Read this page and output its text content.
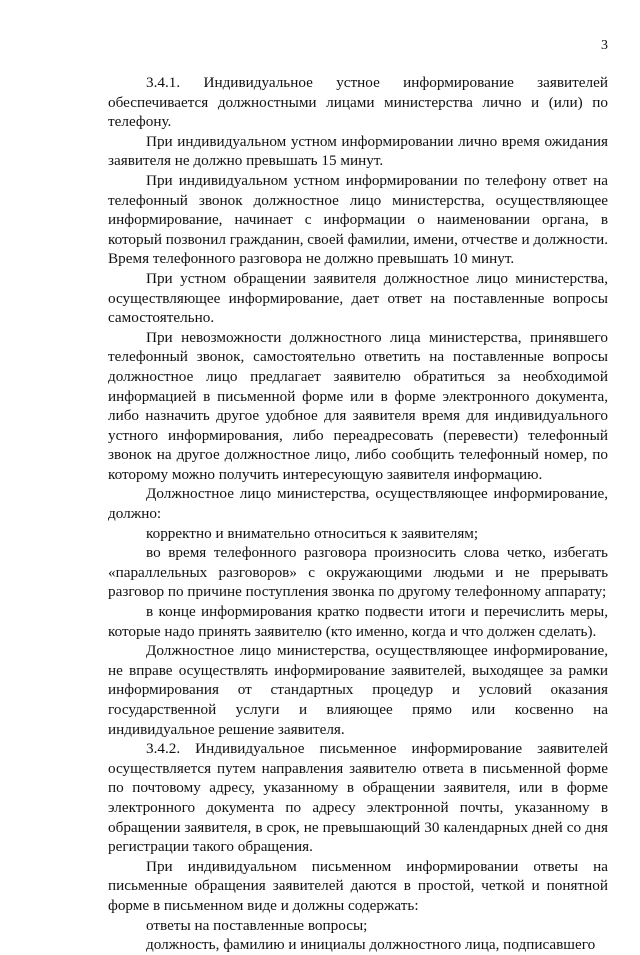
3

3.4.1. Индивидуальное устное информирование заявителей обеспечивается должностными лицами министерства лично и (или) по телефону.

При индивидуальном устном информировании лично время ожидания заявителя не должно превышать 15 минут.

При индивидуальном устном информировании по телефону ответ на телефонный звонок должностное лицо министерства, осуществляющее информирование, начинает с информации о наименовании органа, в который позвонил гражданин, своей фамилии, имени, отчестве и должности. Время телефонного разговора не должно превышать 10 минут.

При устном обращении заявителя должностное лицо министерства, осуществляющее информирование, дает ответ на поставленные вопросы самостоятельно.

При невозможности должностного лица министерства, принявшего телефонный звонок, самостоятельно ответить на поставленные вопросы должностное лицо предлагает заявителю обратиться за необходимой информацией в письменной форме или в форме электронного документа, либо назначить другое удобное для заявителя время для индивидуального устного информирования, либо переадресовать (перевести) телефонный звонок на другое должностное лицо, либо сообщить телефонный номер, по которому можно получить интересующую заявителя информацию.

Должностное лицо министерства, осуществляющее информирование, должно:

корректно и внимательно относиться к заявителям;

во время телефонного разговора произносить слова четко, избегать «параллельных разговоров» с окружающими людьми и не прерывать разговор по причине поступления звонка по другому телефонному аппарату;

в конце информирования кратко подвести итоги и перечислить меры, которые надо принять заявителю (кто именно, когда и что должен сделать).

Должностное лицо министерства, осуществляющее информирование, не вправе осуществлять информирование заявителей, выходящее за рамки информирования от стандартных процедур и условий оказания государственной услуги и влияющее прямо или косвенно на индивидуальное решение заявителя.

3.4.2. Индивидуальное письменное информирование заявителей осуществляется путем направления заявителю ответа в письменной форме по почтовому адресу, указанному в обращении заявителя, или в форме электронного документа по адресу электронной почты, указанному в обращении заявителя, в срок, не превышающий 30 календарных дней со дня регистрации такого обращения.

При индивидуальном письменном информировании ответы на письменные обращения заявителей даются в простой, четкой и понятной форме в письменном виде и должны содержать:

ответы на поставленные вопросы;

должность, фамилию и инициалы должностного лица, подписавшего
